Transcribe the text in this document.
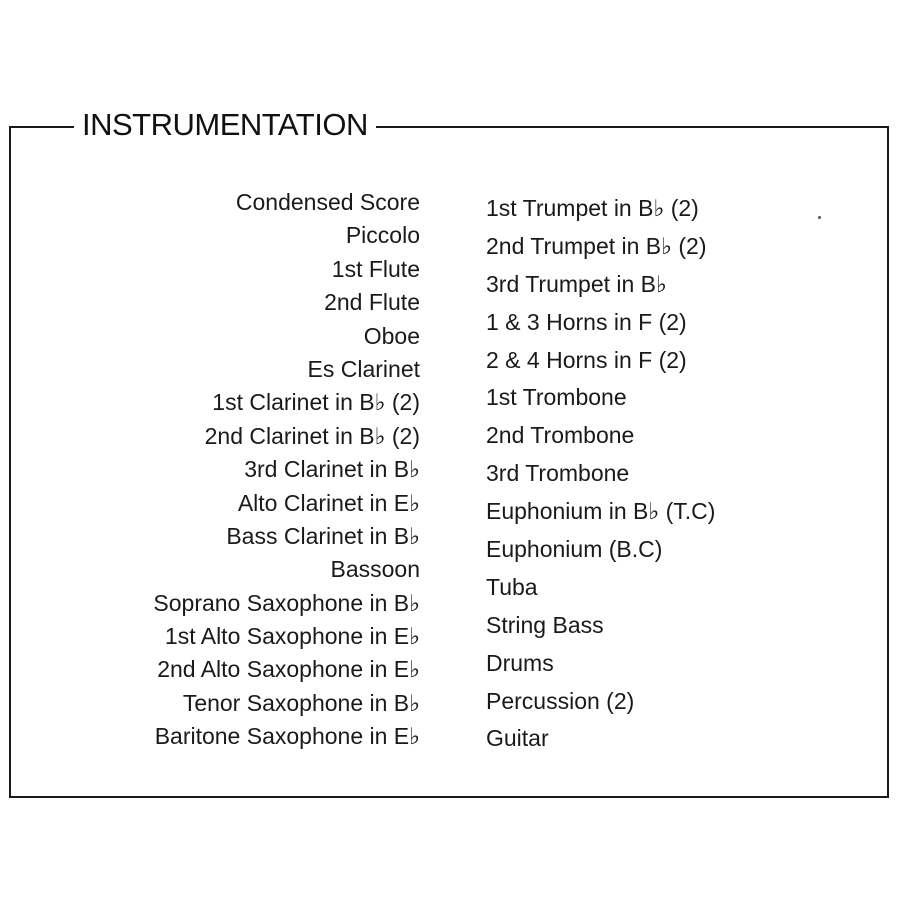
INSTRUMENTATION
Condensed Score
Piccolo
1st Flute
2nd Flute
Oboe
Es Clarinet
1st Clarinet in B♭ (2)
2nd Clarinet in B♭ (2)
3rd Clarinet in B♭
Alto Clarinet in E♭
Bass Clarinet in B♭
Bassoon
Soprano Saxophone in B♭
1st Alto Saxophone in E♭
2nd Alto Saxophone in E♭
Tenor Saxophone in B♭
Baritone Saxophone in E♭
1st Trumpet in B♭ (2)
2nd Trumpet in B♭ (2)
3rd Trumpet in B♭
1 & 3 Horns in F (2)
2 & 4 Horns in F (2)
1st Trombone
2nd Trombone
3rd Trombone
Euphonium in B♭ (T.C)
Euphonium (B.C)
Tuba
String Bass
Drums
Percussion (2)
Guitar
